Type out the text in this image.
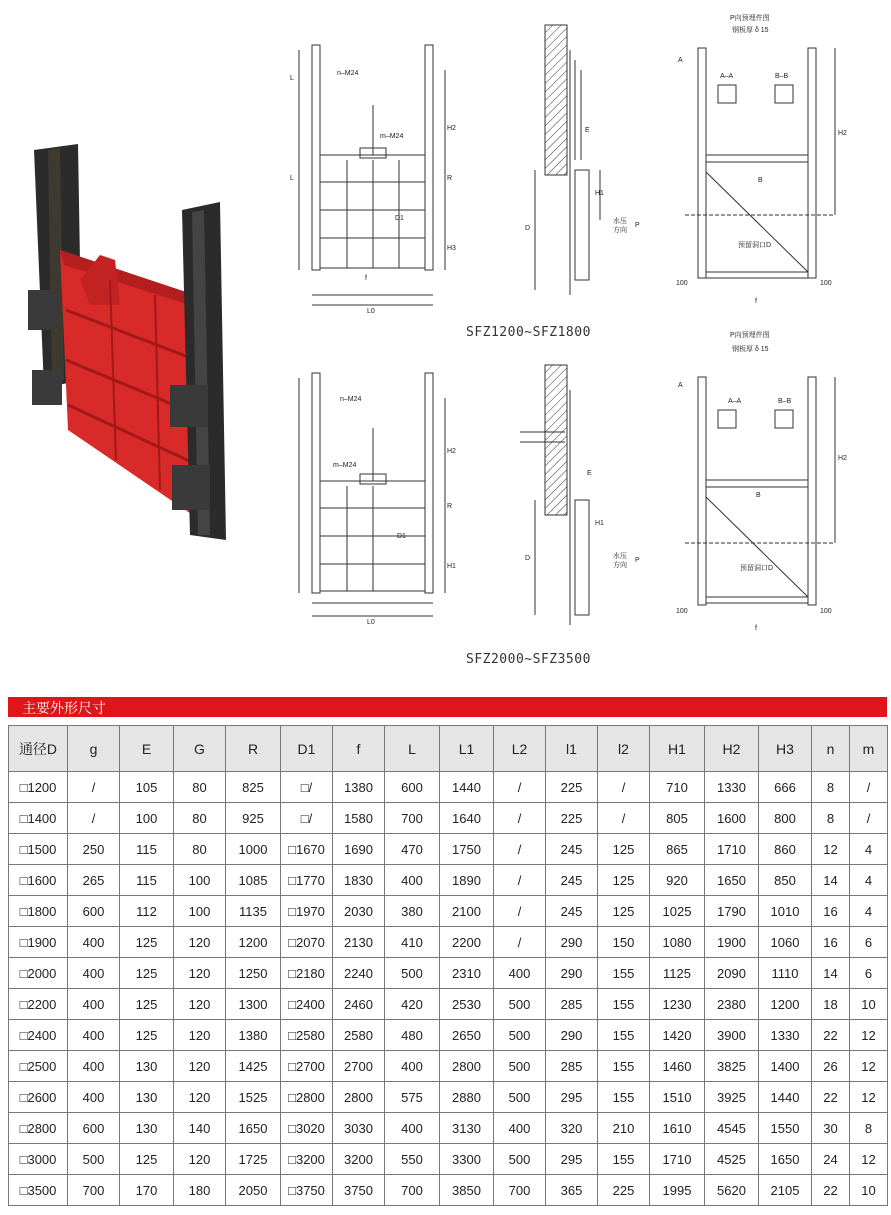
n–M24
m–M24
L
L
H2
R
H3
D1
f
L0
D
H1
E
水压
方向
P
P向预埋件图
钢板厚 δ 15
A–A	B–B
预留洞口D
H2
A
B
100	100
f
SFZ1200~SFZ1800
n–M24
m–M24
H2
R
H1
D1
L0
D
H1
E
水压
方向
P
P向预埋件图
钢板厚 δ 15
A–A	B–B
预留洞口D
H2
A
B
100	100
f
SFZ2000~SFZ3500
主要外形尺寸
通径D	g	E	G	R	D1	f	L	L1	L2	l1	l2	H1	H2	H3	n	m
□1200	/	105	80	825	□/	1380	600	1440	/	225	/	710	1330	666	8	/
□1400	/	100	80	925	□/	1580	700	1640	/	225	/	805	1600	800	8	/
□1500	250	115	80	1000	□1670	1690	470	1750	/	245	125	865	1710	860	12	4
□1600	265	115	100	1085	□1770	1830	400	1890	/	245	125	920	1650	850	14	4
□1800	600	112	100	1135	□1970	2030	380	2100	/	245	125	1025	1790	1010	16	4
□1900	400	125	120	1200	□2070	2130	410	2200	/	290	150	1080	1900	1060	16	6
□2000	400	125	120	1250	□2180	2240	500	2310	400	290	155	1125	2090	1110	14	6
□2200	400	125	120	1300	□2400	2460	420	2530	500	285	155	1230	2380	1200	18	10
□2400	400	125	120	1380	□2580	2580	480	2650	500	290	155	1420	3900	1330	22	12
□2500	400	130	120	1425	□2700	2700	400	2800	500	285	155	1460	3825	1400	26	12
□2600	400	130	120	1525	□2800	2800	575	2880	500	295	155	1510	3925	1440	22	12
□2800	600	130	140	1650	□3020	3030	400	3130	400	320	210	1610	4545	1550	30	8
□3000	500	125	120	1725	□3200	3200	550	3300	500	295	155	1710	4525	1650	24	12
□3500	700	170	180	2050	□3750	3750	700	3850	700	365	225	1995	5620	2105	22	10
